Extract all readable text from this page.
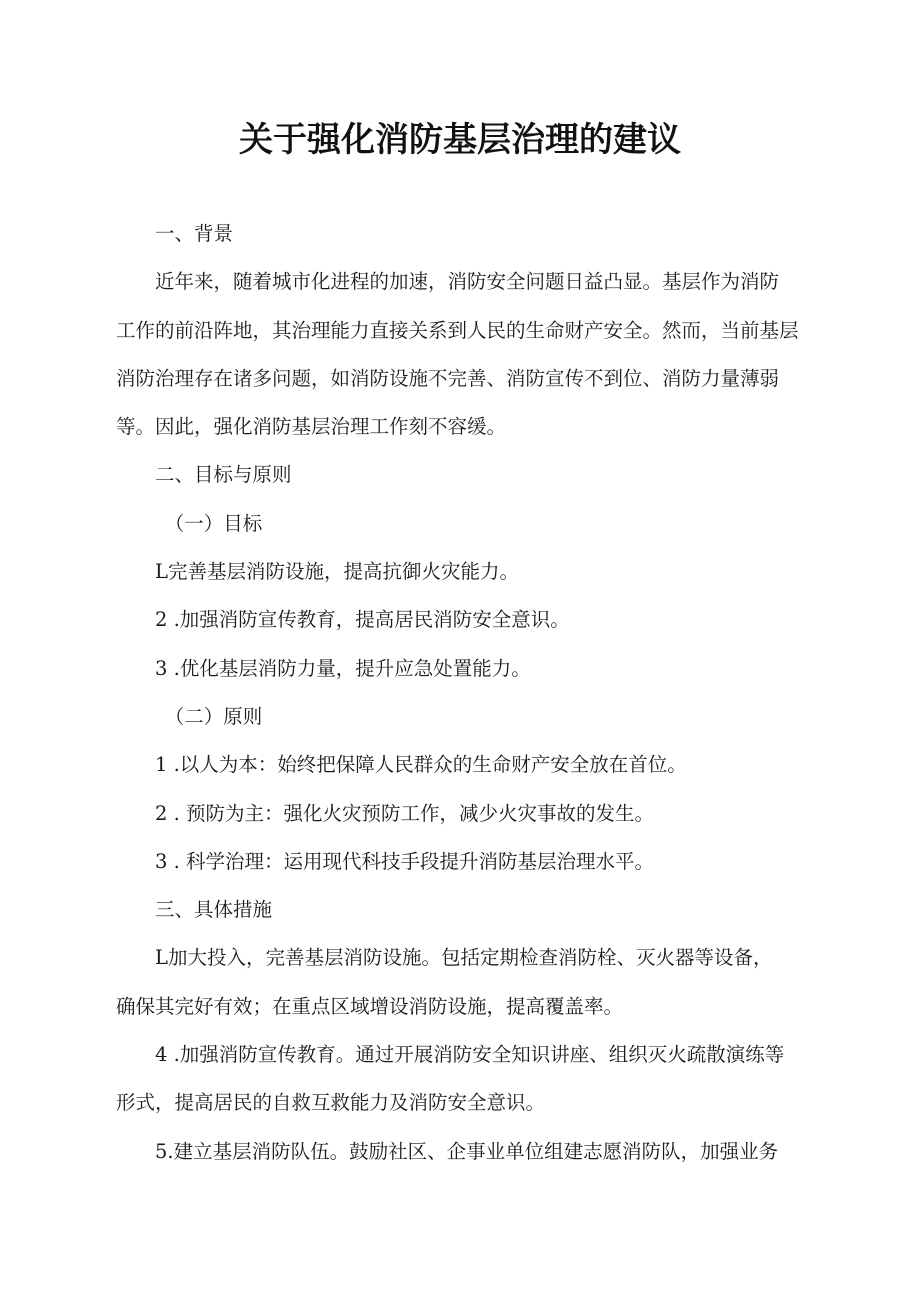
关于强化消防基层治理的建议
一、背景
近年来，随着城市化进程的加速，消防安全问题日益凸显。基层作为消防
工作的前沿阵地，其治理能力直接关系到人民的生命财产安全。然而，当前基层
消防治理存在诸多问题，如消防设施不完善、消防宣传不到位、消防力量薄弱
等。因此，强化消防基层治理工作刻不容缓。
二、目标与原则
（一）目标
L完善基层消防设施，提高抗御火灾能力。
2 .加强消防宣传教育，提高居民消防安全意识。
3 .优化基层消防力量，提升应急处置能力。
（二）原则
1 .以人为本：始终把保障人民群众的生命财产安全放在首位。
2 . 预防为主：强化火灾预防工作，减少火灾事故的发生。
3 . 科学治理：运用现代科技手段提升消防基层治理水平。
三、具体措施
L加大投入，完善基层消防设施。包括定期检查消防栓、灭火器等设备，
确保其完好有效；在重点区域增设消防设施，提高覆盖率。
4 .加强消防宣传教育。通过开展消防安全知识讲座、组织灭火疏散演练等
形式，提高居民的自救互救能力及消防安全意识。
5.建立基层消防队伍。鼓励社区、企事业单位组建志愿消防队，加强业务
